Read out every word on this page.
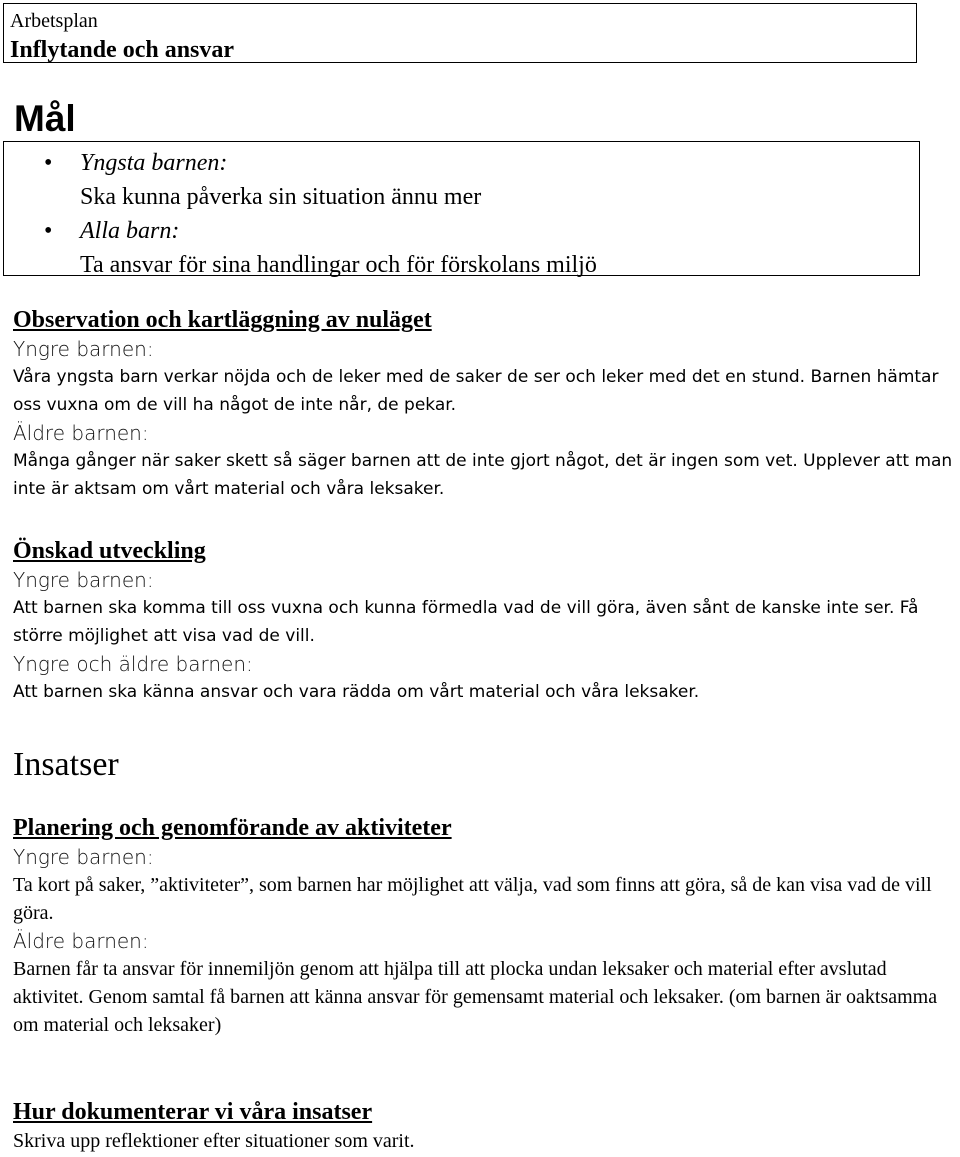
Arbetsplan
Inflytande och ansvar
Mål
• Yngsta barnen:
Ska kunna påverka sin situation ännu mer
• Alla barn:
Ta ansvar för sina handlingar och för förskolans miljö
Observation och kartläggning av nuläget
Yngre barnen:
Våra yngsta barn verkar nöjda och de leker med de saker de ser och leker med det en stund. Barnen hämtar oss vuxna om de vill ha något de inte når, de pekar.
Äldre barnen:
Många gånger när saker skett så säger barnen att de inte gjort något, det är ingen som vet. Upplever att man inte är aktsam om vårt material och våra leksaker.
Önskad utveckling
Yngre barnen:
Att barnen ska komma till oss vuxna och kunna förmedla vad de vill göra, även sånt de kanske inte ser. Få större möjlighet att visa vad de vill.
Yngre och äldre barnen:
Att barnen ska känna ansvar och vara rädda om vårt material och våra leksaker.
Insatser
Planering och genomförande av aktiviteter
Yngre barnen:
Ta kort på saker, ”aktiviteter”, som barnen har möjlighet att välja, vad som finns att göra, så de kan visa vad de vill göra.
Äldre barnen:
Barnen får ta ansvar för innemiljön genom att hjälpa till att plocka undan leksaker och material efter avslutad aktivitet. Genom samtal få barnen att känna ansvar för gemensamt material och leksaker. (om barnen är oaktsamma om material och leksaker)
Hur dokumenterar vi våra insatser
Skriva upp reflektioner efter situationer som varit.
